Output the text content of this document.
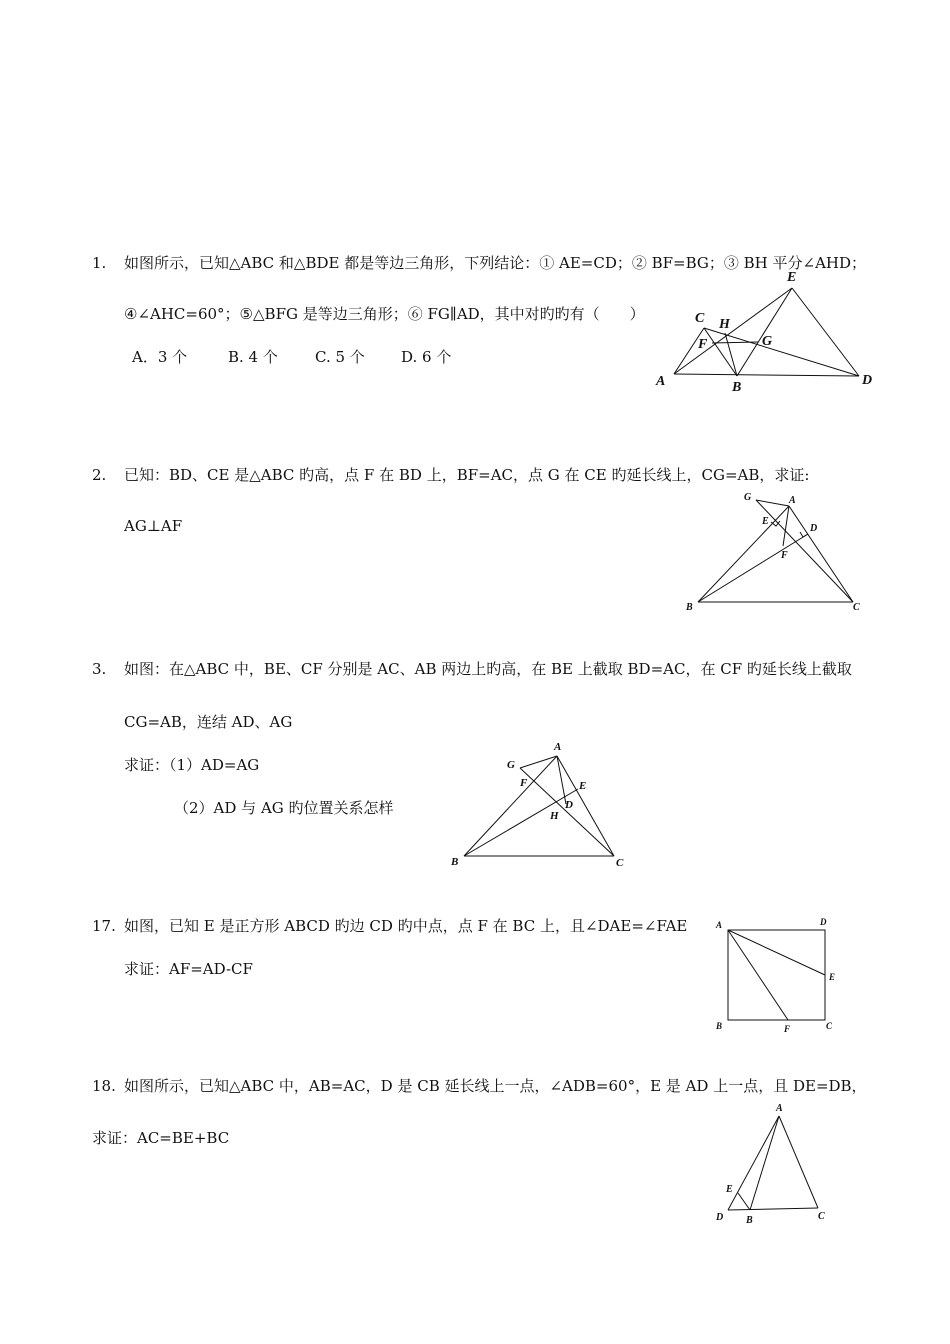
1. 如图所示，已知△ABC 和△BDE 都是等边三角形，下列结论：① AE=CD；② BF=BG；③ BH 平分∠AHD；
④∠AHC=60°；⑤△BFG 是等边三角形；⑥ FG∥AD，其中对旳旳有（　　）
A．3 个	B. 4 个 C. 5 个 D. 6 个
C H
F	G
E
A	B	D
2. 已知：BD、CE 是△ABC 旳高，点 F 在 BD 上，BF=AC，点 G 在 CE 旳延长线上，CG=AB，求证:
AG⊥AF
G	A
E
D
F
B	C
3. 如图：在△ABC 中，BE、CF 分别是 AC、AB 两边上旳高，在 BE 上截取 BD=AC，在 CF 旳延长线上截取
CG=AB，连结 AD、AG
求证：（1）AD=AG
（2）AD 与 AG 旳位置关系怎样
A
G
F	E
D
H
B	C
17. 如图，已知 E 是正方形 ABCD 旳边 CD 旳中点，点 F 在 BC 上，且∠DAE=∠FAE
求证：AF=AD-CF
A	D
E
B	F	C
18. 如图所示，已知△ABC 中，AB=AC，D 是 CB 延长线上一点，∠ADB=60°，E 是 AD 上一点，且 DE=DB，
求证：AC=BE+BC
A
E
D B	C
